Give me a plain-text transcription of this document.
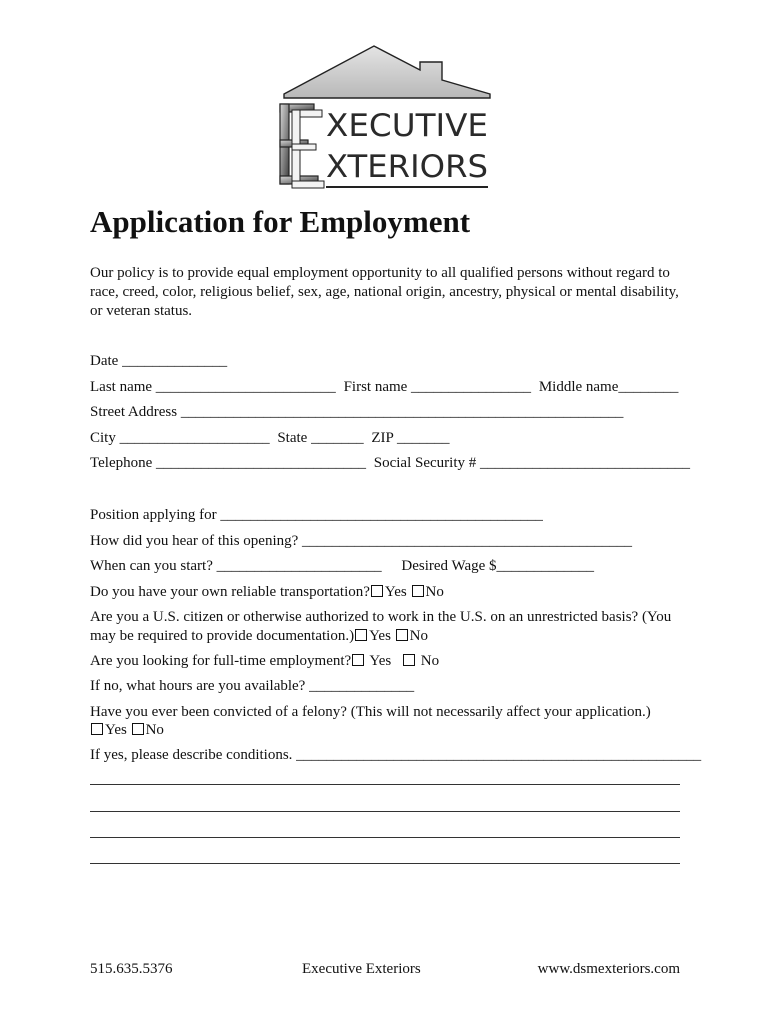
XECUTIVE
XTERIORS
Application for Employment

Our policy is to provide equal employment opportunity to all qualified persons without regard to race, creed, color, religious belief, sex, age, national origin, ancestry, physical or mental disability, or veteran status.

Date ______________
Last name ________________________ First name ________________ Middle name________
Street Address ___________________________________________________________
City ____________________ State _______ ZIP _______
Telephone ____________________________ Social Security # ____________________________
Position applying for ___________________________________________
How did you hear of this opening? ____________________________________________
When can you start? ______________________ Desired Wage $_____________
Do you have your own reliable transportation? Yes No
Are you a U.S. citizen or otherwise authorized to work in the U.S. on an unrestricted basis? (You
may be required to provide documentation.) Yes No
Are you looking for full-time employment? Yes No
If no, what hours are you available? ______________
Have you ever been convicted of a felony? (This will not necessarily affect your application.)
Yes No
If yes, please describe conditions. ______________________________________________________
515.635.5376	Executive Exteriors	www.dsmexteriors.com
